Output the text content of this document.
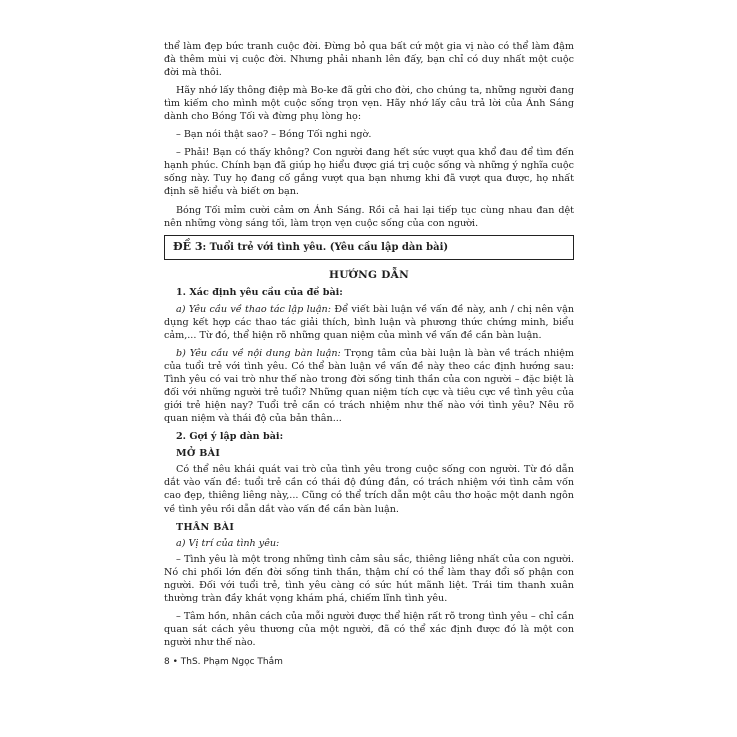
thể làm đẹp bức tranh cuộc đời. Đừng bỏ qua bất cứ một gia vị nào có thể làm đậm đà thêm mùi vị cuộc đời. Nhưng phải nhanh lên đấy, bạn chỉ có duy nhất một cuộc đời mà thôi.

Hãy nhớ lấy thông điệp mà Bo-ke đã gửi cho đời, cho chúng ta, những người đang tìm kiếm cho mình một cuộc sống trọn vẹn. Hãy nhớ lấy câu trả lời của Ánh Sáng dành cho Bóng Tối và đừng phụ lòng họ:

– Bạn nói thật sao? – Bóng Tối nghi ngờ.

– Phải! Bạn có thấy không? Con người đang hết sức vượt qua khổ đau để tìm đến hạnh phúc. Chính bạn đã giúp họ hiểu được giá trị cuộc sống và những ý nghĩa cuộc sống này. Tuy họ đang cố gắng vượt qua bạn nhưng khi đã vượt qua được, họ nhất định sẽ hiểu và biết ơn bạn.

Bóng Tối mỉm cười cảm ơn Ánh Sáng. Rồi cả hai lại tiếp tục cùng nhau đan dệt nên những vòng sáng tối, làm trọn vẹn cuộc sống của con người.

ĐỀ 3: Tuổi trẻ với tình yêu. (Yêu cầu lập dàn bài)
HƯỚNG DẪN
1. Xác định yêu cầu của đề bài:

a) Yêu cầu về thao tác lập luận: Để viết bài luận về vấn đề này, anh / chị nên vận dụng kết hợp các thao tác giải thích, bình luận và phương thức chứng minh, biểu cảm,... Từ đó, thể hiện rõ những quan niệm của mình về vấn đề cần bàn luận.

b) Yêu cầu về nội dung bàn luận: Trọng tâm của bài luận là bàn về trách nhiệm của tuổi trẻ với tình yêu. Có thể bàn luận về vấn đề này theo các định hướng sau: Tình yêu có vai trò như thế nào trong đời sống tinh thần của con người – đặc biệt là đối với những người trẻ tuổi? Những quan niệm tích cực và tiêu cực về tình yêu của giới trẻ hiện nay? Tuổi trẻ cần có trách nhiệm như thế nào với tình yêu? Nêu rõ quan niệm và thái độ của bản thân...

2. Gợi ý lập dàn bài:
MỞ BÀI

Có thể nêu khái quát vai trò của tình yêu trong cuộc sống con người. Từ đó dẫn dắt vào vấn đề: tuổi trẻ cần có thái độ đúng đắn, có trách nhiệm với tình cảm vốn cao đẹp, thiêng liêng này,... Cũng có thể trích dẫn một câu thơ hoặc một danh ngôn về tình yêu rồi dẫn dắt vào vấn đề cần bàn luận.

THÂN BÀI

a) Vị trí của tình yêu:

– Tình yêu là một trong những tình cảm sâu sắc, thiêng liêng nhất của con người. Nó chi phối lớn đến đời sống tinh thần, thậm chí có thể làm thay đổi số phận con người. Đối với tuổi trẻ, tình yêu càng có sức hút mãnh liệt. Trái tim thanh xuân thường tràn đầy khát vọng khám phá, chiếm lĩnh tình yêu.

– Tâm hồn, nhân cách của mỗi người được thể hiện rất rõ trong tình yêu – chỉ cần quan sát cách yêu thương của một người, đã có thể xác định được đó là một con người như thế nào.

8 • ThS. Phạm Ngọc Thắm
